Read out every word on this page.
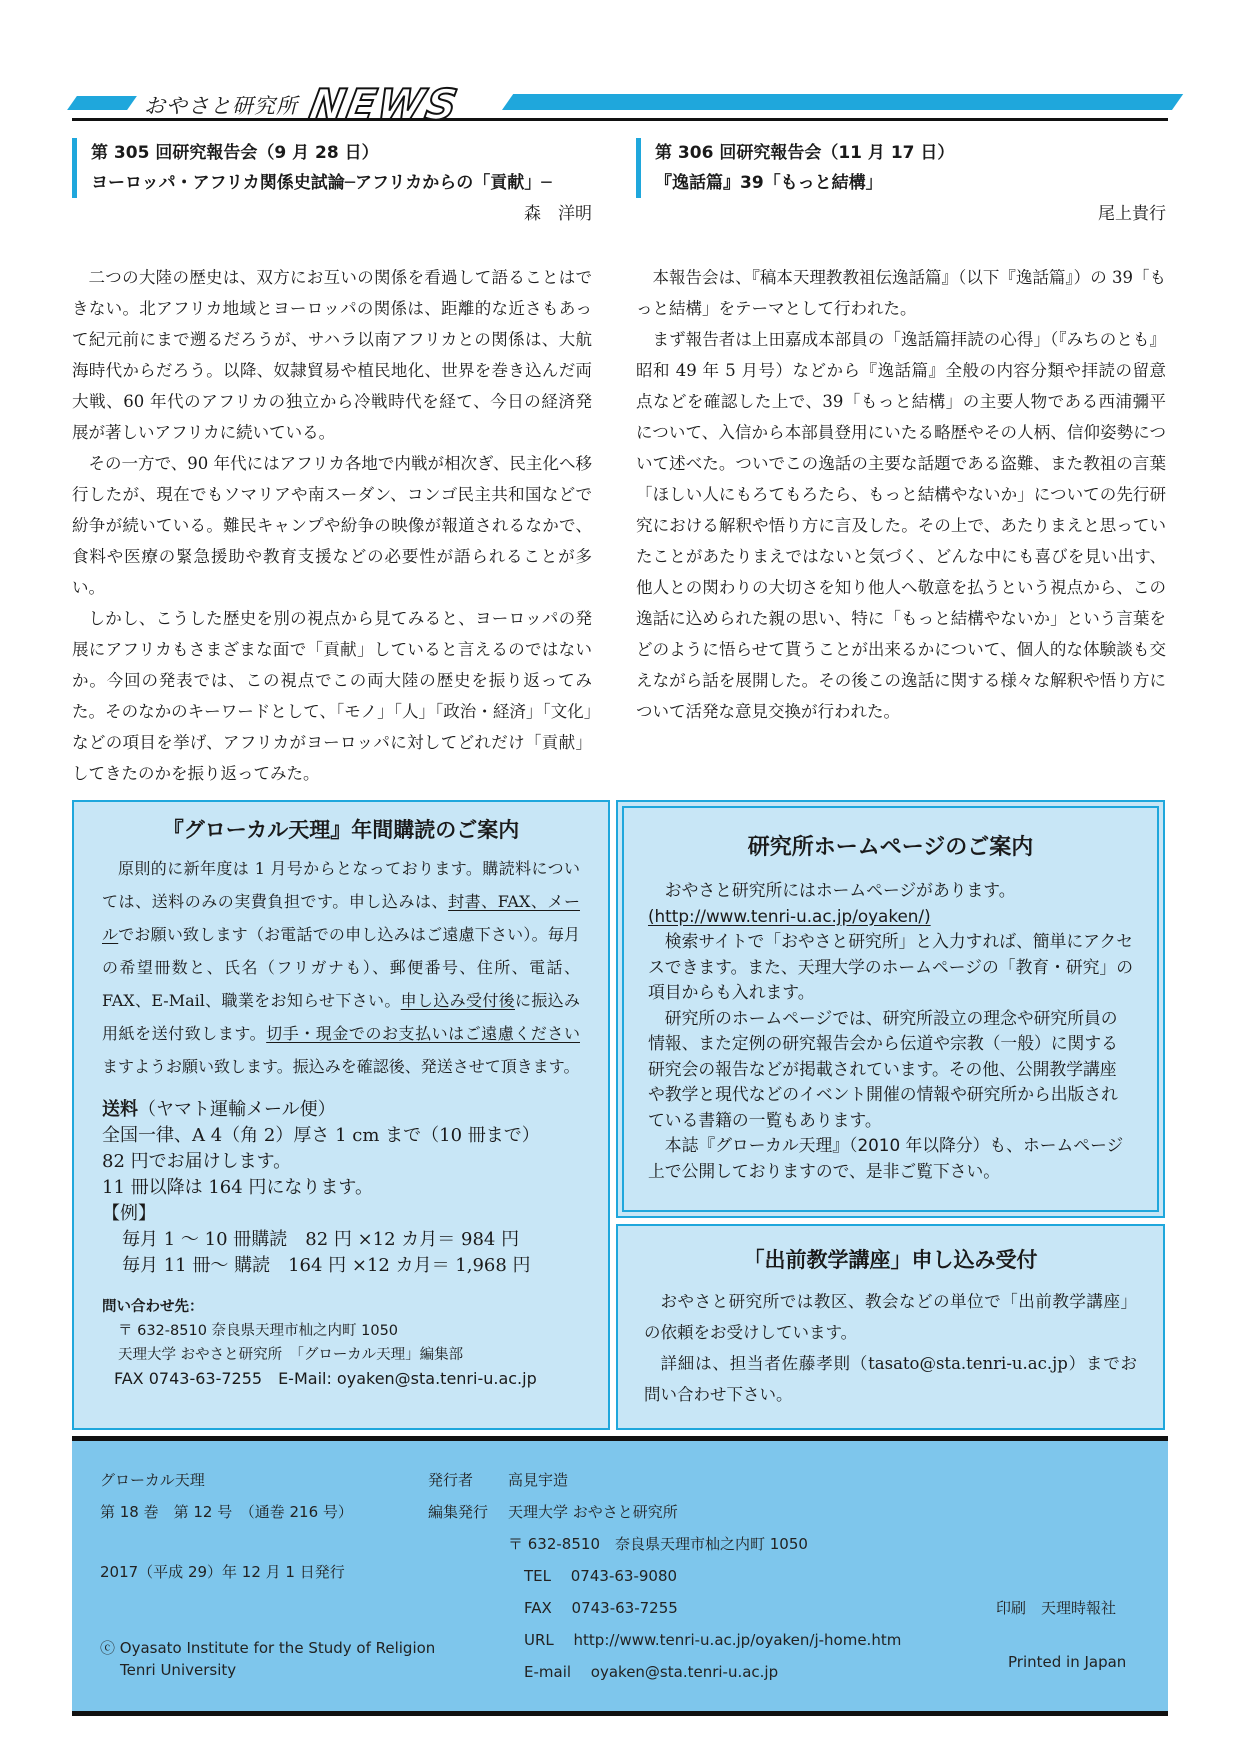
おやさと研究所 NEWS
第 305 回研究報告会（9 月 28 日）
ヨーロッパ・アフリカ関係史試論─アフリカからの「貢献」─
森　洋明

二つの大陸の歴史は、双方にお互いの関係を看過して語ることはできない。北アフリカ地域とヨーロッパの関係は、距離的な近さもあって紀元前にまで遡るだろうが、サハラ以南アフリカとの関係は、大航海時代からだろう。以降、奴隷貿易や植民地化、世界を巻き込んだ両大戦、60 年代のアフリカの独立から冷戦時代を経て、今日の経済発展が著しいアフリカに続いている。

その一方で、90 年代にはアフリカ各地で内戦が相次ぎ、民主化へ移行したが、現在でもソマリアや南スーダン、コンゴ民主共和国などで紛争が続いている。難民キャンプや紛争の映像が報道されるなかで、食料や医療の緊急援助や教育支援などの必要性が語られることが多い。

しかし、こうした歴史を別の視点から見てみると、ヨーロッパの発展にアフリカもさまざまな面で「貢献」していると言えるのではないか。今回の発表では、この視点でこの両大陸の歴史を振り返ってみた。そのなかのキーワードとして、「モノ」「人」「政治・経済」「文化」などの項目を挙げ、アフリカがヨーロッパに対してどれだけ「貢献」してきたのかを振り返ってみた。

第 306 回研究報告会（11 月 17 日）
『逸話篇』39「もっと結構」
尾上貴行

本報告会は、『稿本天理教教祖伝逸話篇』（以下『逸話篇』）の 39「もっと結構」をテーマとして行われた。

まず報告者は上田嘉成本部員の「逸話篇拝読の心得」（『みちのとも』昭和 49 年 5 月号）などから『逸話篇』全般の内容分類や拝読の留意点などを確認した上で、39「もっと結構」の主要人物である西浦彌平について、入信から本部員登用にいたる略歴やその人柄、信仰姿勢について述べた。ついでこの逸話の主要な話題である盗難、また教祖の言葉「ほしい人にもろてもろたら、もっと結構やないか」についての先行研究における解釈や悟り方に言及した。その上で、あたりまえと思っていたことがあたりまえではないと気づく、どんな中にも喜びを見い出す、他人との関わりの大切さを知り他人へ敬意を払うという視点から、この逸話に込められた親の思い、特に「もっと結構やないか」という言葉をどのように悟らせて貰うことが出来るかについて、個人的な体験談も交えながら話を展開した。その後この逸話に関する様々な解釈や悟り方について活発な意見交換が行われた。

『グローカル天理』年間購読のご案内
原則的に新年度は 1 月号からとなっております。購読料については、送料のみの実費負担です。申し込みは、封書、FAX、メールでお願い致します（お電話での申し込みはご遠慮下さい）。毎月の希望冊数と、氏名（フリガナも）、郵便番号、住所、電話、FAX、E-Mail、職業をお知らせ下さい。申し込み受付後に振込み用紙を送付致します。切手・現金でのお支払いはご遠慮くださいますようお願い致します。振込みを確認後、発送させて頂きます。
送料（ヤマト運輸メール便）
全国一律、A 4（角 2）厚さ 1 cm まで（10 冊まで）
82 円でお届けします。
11 冊以降は 164 円になります。
【例】
毎月 1 ～ 10 冊購読　82 円 ×12 カ月＝ 984 円
毎月 11 冊～ 購読　164 円 ×12 カ月＝ 1,968 円
問い合わせ先：
〒 632-8510 奈良県天理市杣之内町 1050
天理大学 おやさと研究所　「グローカル天理」編集部
FAX 0743-63-7255　E-Mail: oyaken@sta.tenri-u.ac.jp
研究所ホームページのご案内

おやさと研究所にはホームページがあります。

(http://www.tenri-u.ac.jp/oyaken/)

検索サイトで「おやさと研究所」と入力すれば、簡単にアクセスできます。また、天理大学のホームページの「教育・研究」の項目からも入れます。

研究所のホームページでは、研究所設立の理念や研究所員の情報、また定例の研究報告会から伝道や宗教（一般）に関する研究会の報告などが掲載されています。その他、公開教学講座や教学と現代などのイベント開催の情報や研究所から出版されている書籍の一覧もあります。

本誌『グローカル天理』（2010 年以降分）も、ホームページ上で公開しておりますので、是非ご覧下さい。

「出前教学講座」申し込み受付

おやさと研究所では教区、教会などの単位で「出前教学講座」の依頼をお受けしています。

詳細は、担当者佐藤孝則（tasato@sta.tenri-u.ac.jp）までお問い合わせ下さい。

グローカル天理
第 18 巻　第 12 号　（通巻 216 号）
2017（平成 29）年 12 月 1 日発行
ⓒ Oyasato Institute for the Study of Religion
Tenri University
発行者 高見宇造
編集発行 天理大学 おやさと研究所
〒 632-8510　奈良県天理市杣之内町 1050
TEL　 0743-63-9080
FAX　 0743-63-7255
URL　 http://www.tenri-u.ac.jp/oyaken/j-home.htm
E-mail　 oyaken@sta.tenri-u.ac.jp
印刷　天理時報社
Printed in Japan
